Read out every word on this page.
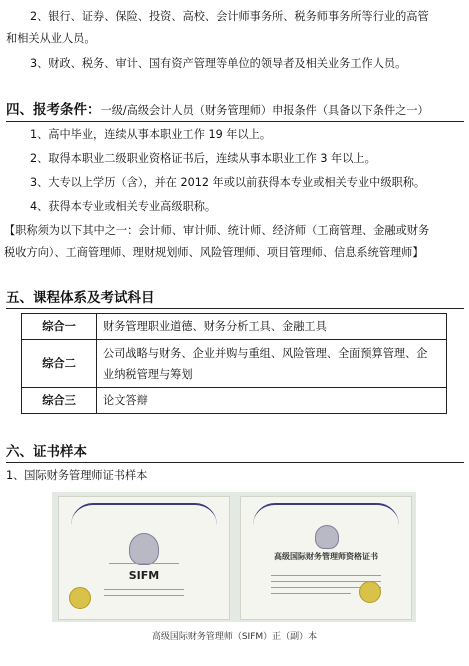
2、银行、证券、保险、投资、高校、会计师事务所、税务师事务所等行业的高管
和相关从业人员。
3、财政、税务、审计、国有资产管理等单位的领导者及相关业务工作人员。
四、报考条件：一级/高级会计人员（财务管理师）申报条件（具备以下条件之一）
1、高中毕业，连续从事本职业工作 19 年以上。
2、取得本职业二级职业资格证书后，连续从事本职业工作 3 年以上。
3、大专以上学历（含），并在 2012 年或以前获得本专业或相关专业中级职称。
4、获得本专业或相关专业高级职称。
【职称须为以下其中之一：会计师、审计师、统计师、经济师（工商管理、金融或财务
税收方向）、工商管理师、理财规划师、风险管理师、项目管理师、信息系统管理师】
五、课程体系及考试科目
综合一	财务管理职业道德、财务分析工具、金融工具
综合二	公司战略与财务、企业并购与重组、风险管理、全面预算管理、企
业纳税管理与筹划

综合三	论文答辩
六、证书样本
1、国际财务管理师证书样本
SIFM
高级国际财务管理师资格证书
高级国际财务管理师（SIFM）正（副）本
